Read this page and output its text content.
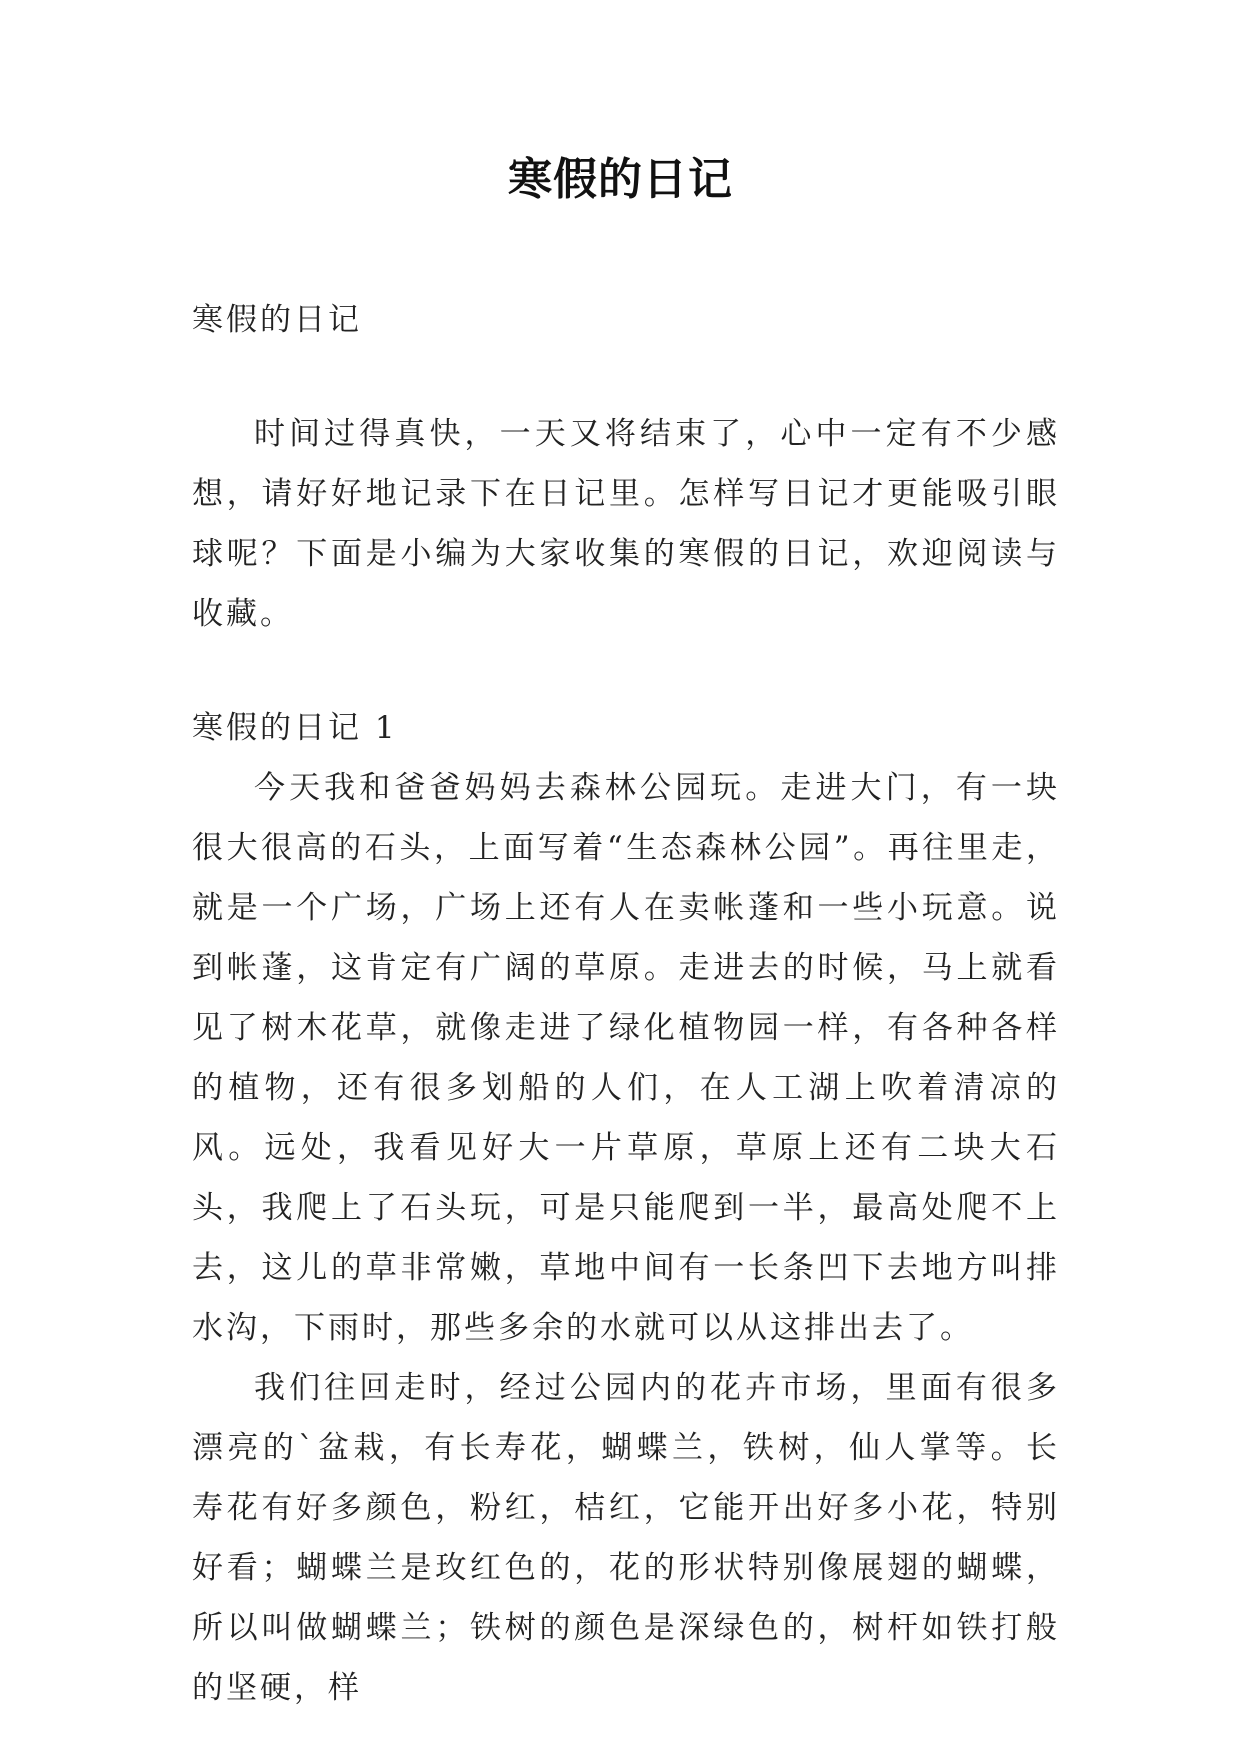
寒假的日记

寒假的日记

时间过得真快，一天又将结束了，心中一定有不少感想，请好好地记录下在日记里。怎样写日记才更能吸引眼球呢？下面是小编为大家收集的寒假的日记，欢迎阅读与收藏。

寒假的日记 1

今天我和爸爸妈妈去森林公园玩。走进大门，有一块很大很高的石头，上面写着“生态森林公园”。再往里走，就是一个广场，广场上还有人在卖帐蓬和一些小玩意。说到帐蓬，这肯定有广阔的草原。走进去的时候，马上就看见了树木花草，就像走进了绿化植物园一样，有各种各样的植物，还有很多划船的人们，在人工湖上吹着清凉的风。远处，我看见好大一片草原，草原上还有二块大石头，我爬上了石头玩，可是只能爬到一半，最高处爬不上去，这儿的草非常嫩，草地中间有一长条凹下去地方叫排水沟，下雨时，那些多余的水就可以从这排出去了。

我们往回走时，经过公园内的花卉市场，里面有很多漂亮的`盆栽，有长寿花，蝴蝶兰，铁树，仙人掌等。长寿花有好多颜色，粉红，桔红，它能开出好多小花，特别好看；蝴蝶兰是玫红色的，花的形状特别像展翅的蝴蝶，所以叫做蝴蝶兰；铁树的颜色是深绿色的，树杆如铁打般的坚硬，样
